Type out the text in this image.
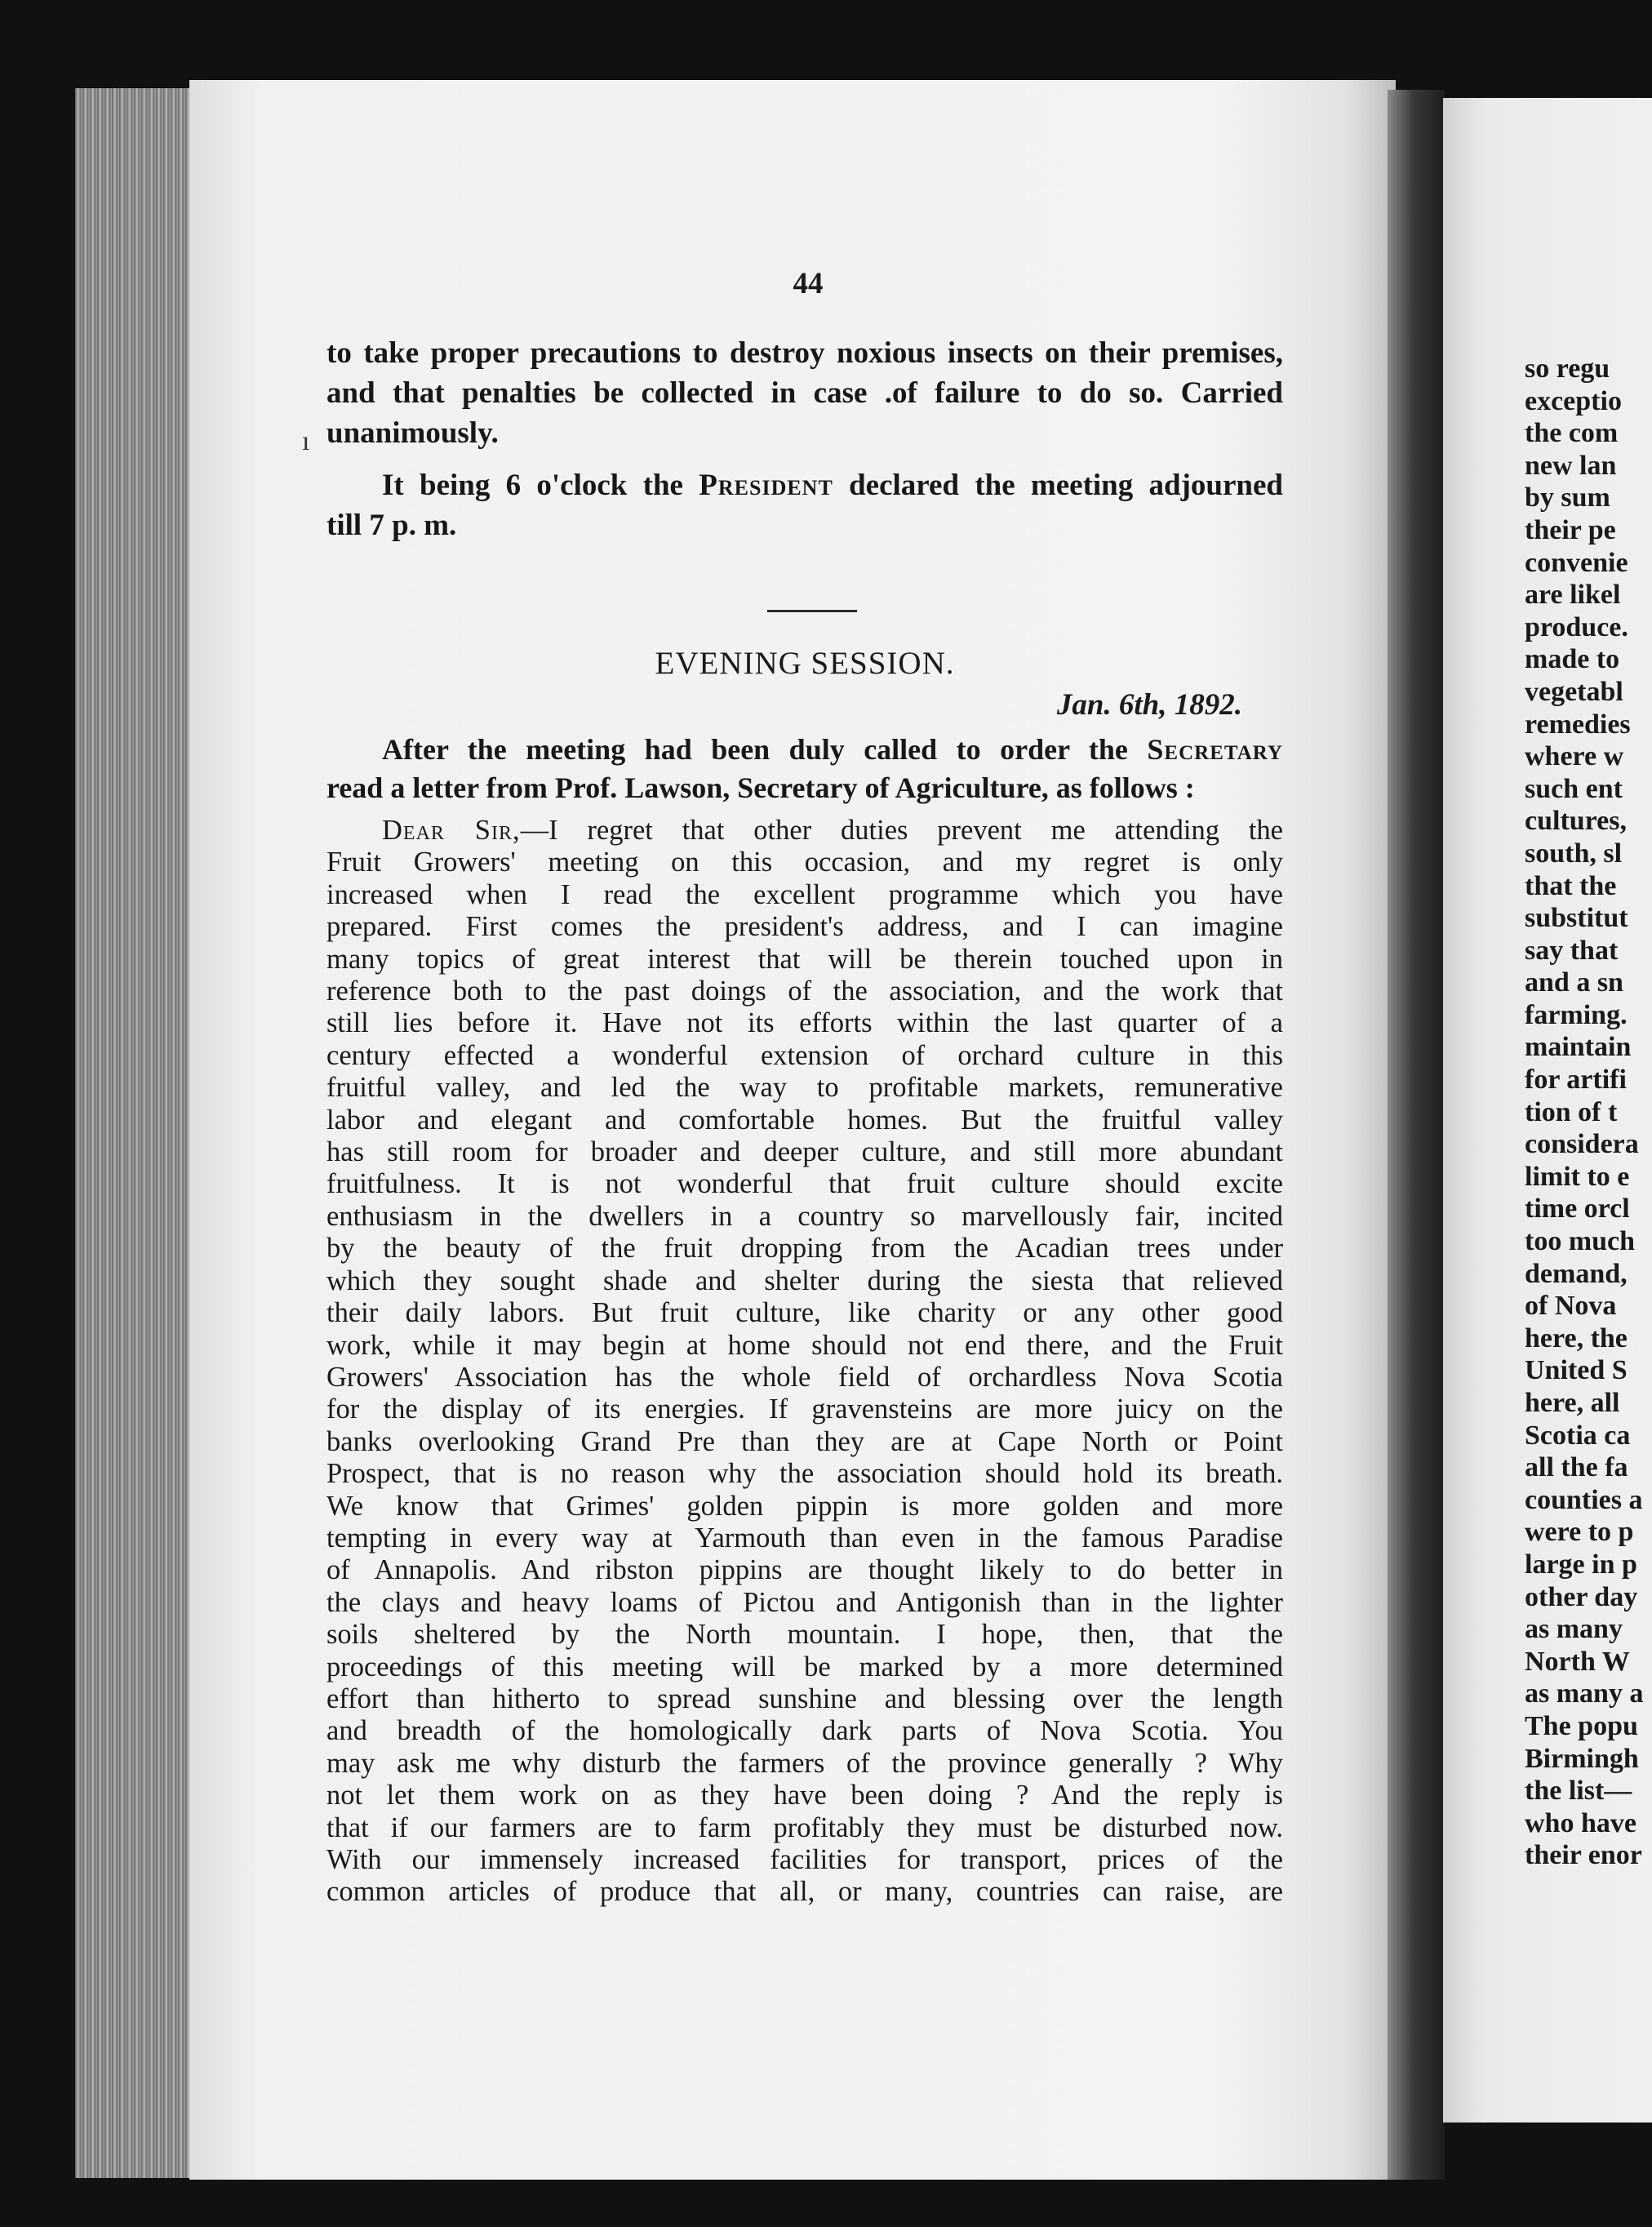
44
to take proper precautions to destroy noxious insects on their premises,
and that penalties be collected in case .of failure to do so. Carried
unanimously.
ı
It being 6 o'clock the President declared the meeting adjourned
till 7 p. m.
EVENING SESSION.
Jan. 6th, 1892.
After the meeting had been duly called to order the Secretary
read a letter from Prof. Lawson, Secretary of Agriculture, as follows :
Dear Sir,—I regret that other duties prevent me attending the
Fruit Growers' meeting on this occasion, and my regret is only
increased when I read the excellent programme which you have
prepared. First comes the president's address, and I can imagine
many topics of great interest that will be therein touched upon in
reference both to the past doings of the association, and the work that
still lies before it. Have not its efforts within the last quarter of a
century effected a wonderful extension of orchard culture in this
fruitful valley, and led the way to profitable markets, remunerative
labor and elegant and comfortable homes. But the fruitful valley
has still room for broader and deeper culture, and still more abundant
fruitfulness. It is not wonderful that fruit culture should excite
enthusiasm in the dwellers in a country so marvellously fair, incited
by the beauty of the fruit dropping from the Acadian trees under
which they sought shade and shelter during the siesta that relieved
their daily labors. But fruit culture, like charity or any other good
work, while it may begin at home should not end there, and the Fruit
Growers' Association has the whole field of orchardless Nova Scotia
for the display of its energies. If gravensteins are more juicy on the
banks overlooking Grand Pre than they are at Cape North or Point
Prospect, that is no reason why the association should hold its breath.
We know that Grimes' golden pippin is more golden and more
tempting in every way at Yarmouth than even in the famous Paradise
of Annapolis. And ribston pippins are thought likely to do better in
the clays and heavy loams of Pictou and Antigonish than in the lighter
soils sheltered by the North mountain. I hope, then, that the
proceedings of this meeting will be marked by a more determined
effort than hitherto to spread sunshine and blessing over the length
and breadth of the homologically dark parts of Nova Scotia. You
may ask me why disturb the farmers of the province generally ? Why
not let them work on as they have been doing ? And the reply is
that if our farmers are to farm profitably they must be disturbed now.
With our immensely increased facilities for transport, prices of the
common articles of produce that all, or many, countries can raise, are
so regu
exceptio
the com
new lan
by sum
their pe
convenie
are likel
produce.
made to
vegetabl
remedies
where w
such ent
cultures,
south, sl
that the
substitut
say that
and a sn
farming.
maintain
for artifi
tion of t
considera
limit to e
time orcl
too much
demand,
of Nova
here, the
United S
here, all
Scotia ca
all the fa
counties a
were to p
large in p
other day
as many
North W
as many a
The popu
Birmingh
the list—
who have
their enor
